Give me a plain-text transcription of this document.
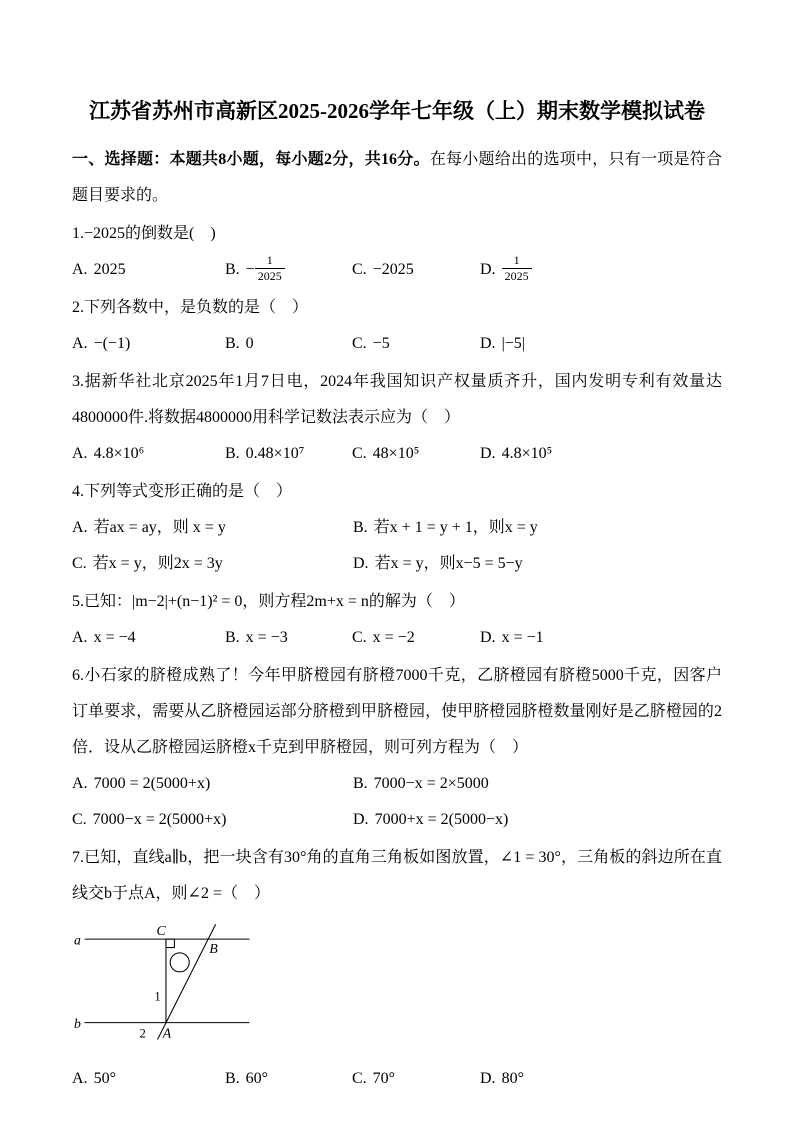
江苏省苏州市高新区2025-2026学年七年级（上）期末数学模拟试卷

一、选择题：本题共8小题，每小题2分，共16分。在每小题给出的选项中，只有一项是符合题目要求的。

1.−2025的倒数是(　)

A. 2025	B. − $\frac{1}{2025}$	C. −2025	D. $\frac{1}{2025}$

2.下列各数中，是负数的是（　）

A. −(−1)	B. 0	C. −5	D. |−5|

3.据新华社北京2025年1月7日电，2024年我国知识产权量质齐升，国内发明专利有效量达4800000件.将数据4800000用科学记数法表示应为（　）

A. 4.8×10⁶	B. 0.48×10⁷	C. 48×10⁵	D. 4.8×10⁵

4.下列等式变形正确的是（　）

A. 若ax = ay，则 x = y	B. 若x + 1 = y + 1，则x = y
C. 若x = y，则2x = 3y	D. 若x = y，则x−5 = 5−y

5.已知：|m−2|+(n−1)² = 0，则方程2m+x = n的解为（　）

A. x = −4	B. x = −3	C. x = −2	D. x = −1

6.小石家的脐橙成熟了！今年甲脐橙园有脐橙7000千克，乙脐橙园有脐橙5000千克，因客户订单要求，需要从乙脐橙园运部分脐橙到甲脐橙园，使甲脐橙园脐橙数量刚好是乙脐橙园的2倍．设从乙脐橙园运脐橙x千克到甲脐橙园，则可列方程为（　）

A. 7000 = 2(5000+x)	B. 7000−x = 2×5000
C. 7000−x = 2(5000+x)	D. 7000+x = 2(5000−x)

7.已知，直线a∥b，把一块含有30°角的直角三角板如图放置，∠1 = 30°，三角板的斜边所在直线交b于点A，则∠2 =（　）

a
b
C
B
1
2 A
A. 50°	B. 60°	C. 70°	D. 80°
